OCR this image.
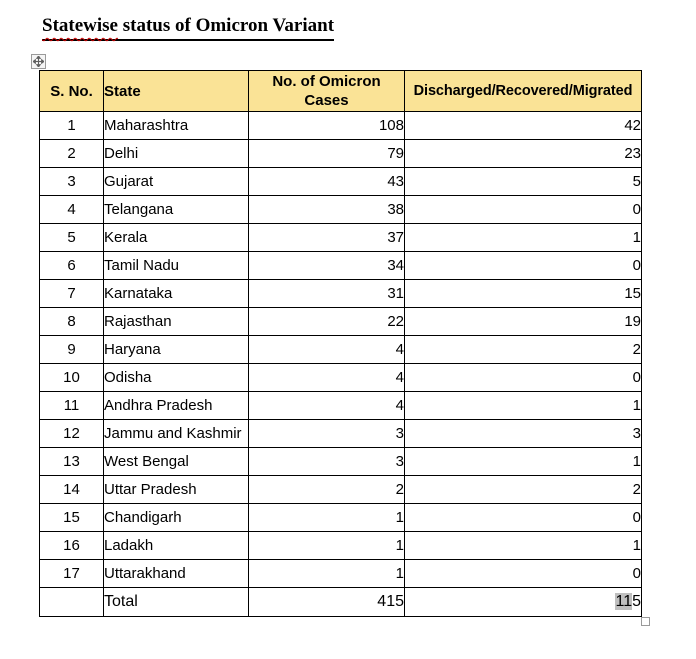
Statewise status of Omicron Variant
S. No.	State	No. of Omicron Cases	Discharged/Recovered/Migrated
1	Maharashtra	108	42
2	Delhi	79	23
3	Gujarat	43	5
4	Telangana	38	0
5	Kerala	37	1
6	Tamil Nadu	34	0
7	Karnataka	31	15
8	Rajasthan	22	19
9	Haryana	4	2
10	Odisha	4	0
11	Andhra Pradesh	4	1
12	Jammu and Kashmir	3	3
13	West Bengal	3	1
14	Uttar Pradesh	2	2
15	Chandigarh	1	0
16	Ladakh	1	1
17	Uttarakhand	1	0
	Total	415	115
